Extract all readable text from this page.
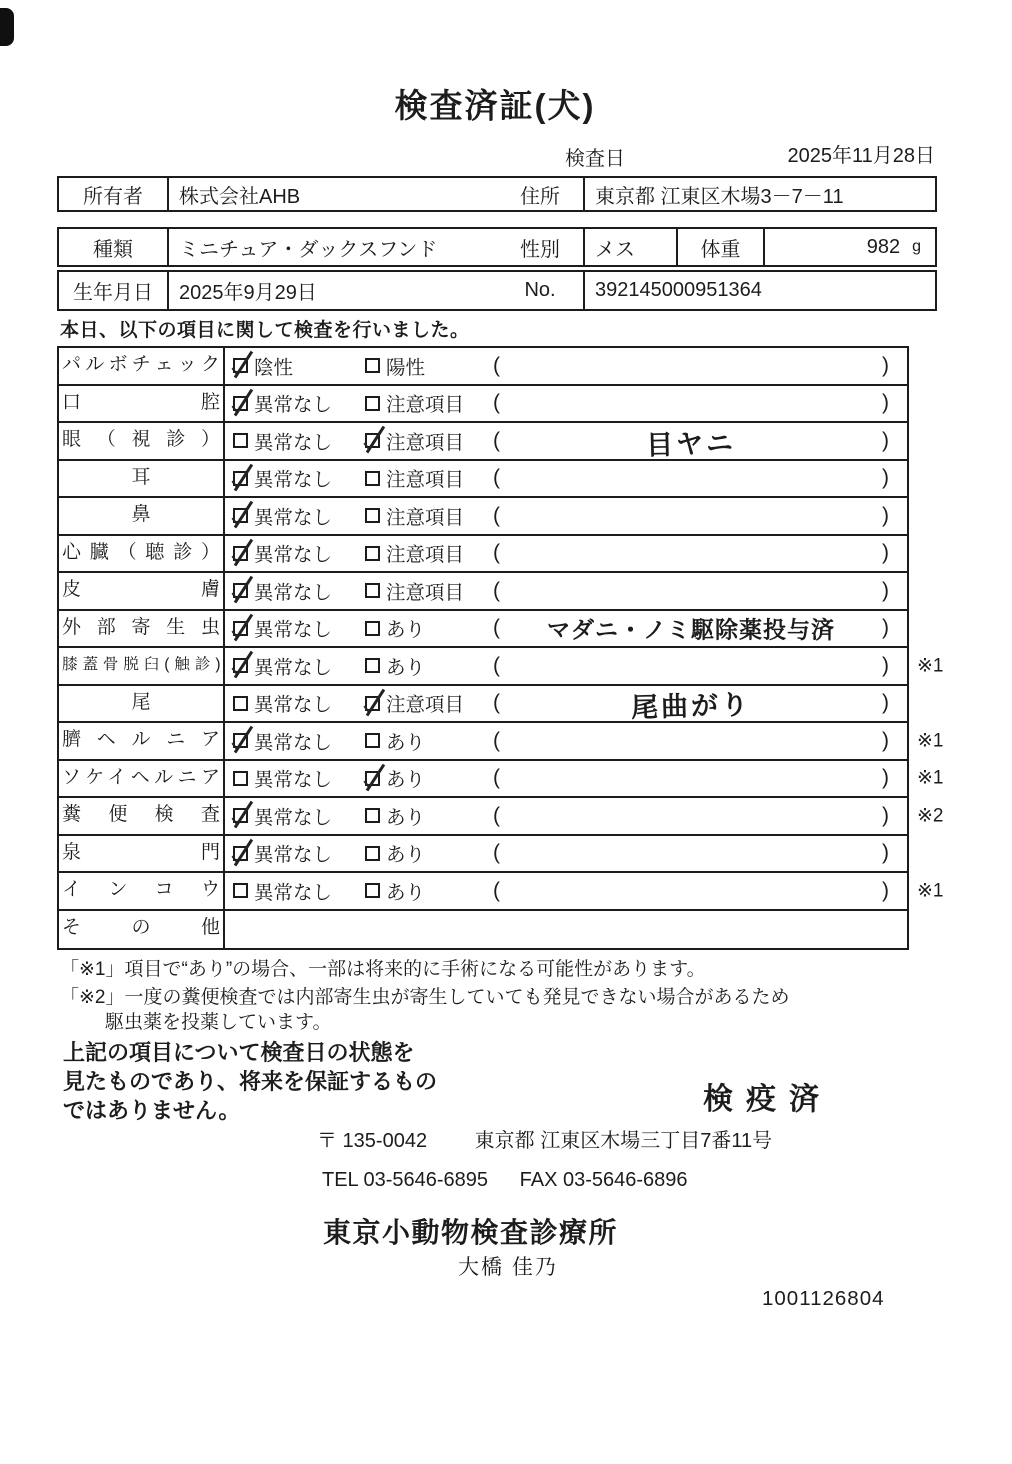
検査済証(犬)
検査日	2025年11月28日
所有者	株式会社AHB	住所	東京都 江東区木場3－7－11
種類	ミニチュア・ダックスフンド	性別	メス	体重	982 g
生年月日	2025年9月29日	No.	392145000951364
本日、以下の項目に関して検査を行いました。
パルボチェック 陰性	陽性	(	)
口腔 異常なし	注意項目 (	)
眼（視診） 異常なし	注意項目 (	目ヤニ	)
耳	異常なし	注意項目 (	)
鼻	異常なし	注意項目 (	)
心臓（聴診） 異常なし	注意項目 (	)
皮膚 異常なし	注意項目 (	)
外部寄生虫 異常なし	あり	(	マダニ・ノミ駆除薬投与済	)
膝蓋骨脱臼(触診) 異常なし	あり	(	) ※1
尾	異常なし	注意項目 (	尾曲がり	)
臍ヘルニア 異常なし	あり	(	) ※1
ソケイヘルニア 異常なし	あり	(	) ※1
糞便検査 異常なし	あり	(	) ※2
泉門 異常なし	あり	(	)
インコウ 異常なし	あり	(	) ※1
その他
「※1」項目で“あり”の場合、一部は将来的に手術になる可能性があります。
「※2」一度の糞便検査では内部寄生虫が寄生していても発見できない場合があるため
駆虫薬を投薬しています。
上記の項目について検査日の状態を
見たものであり、将来を保証するもの
ではありません。	検疫済
〒 135-0042 東京都 江東区木場三丁目7番11号
TEL 03-5646-6895 FAX 03-5646-6896
東京小動物検査診療所
大橋 佳乃
1001126804
